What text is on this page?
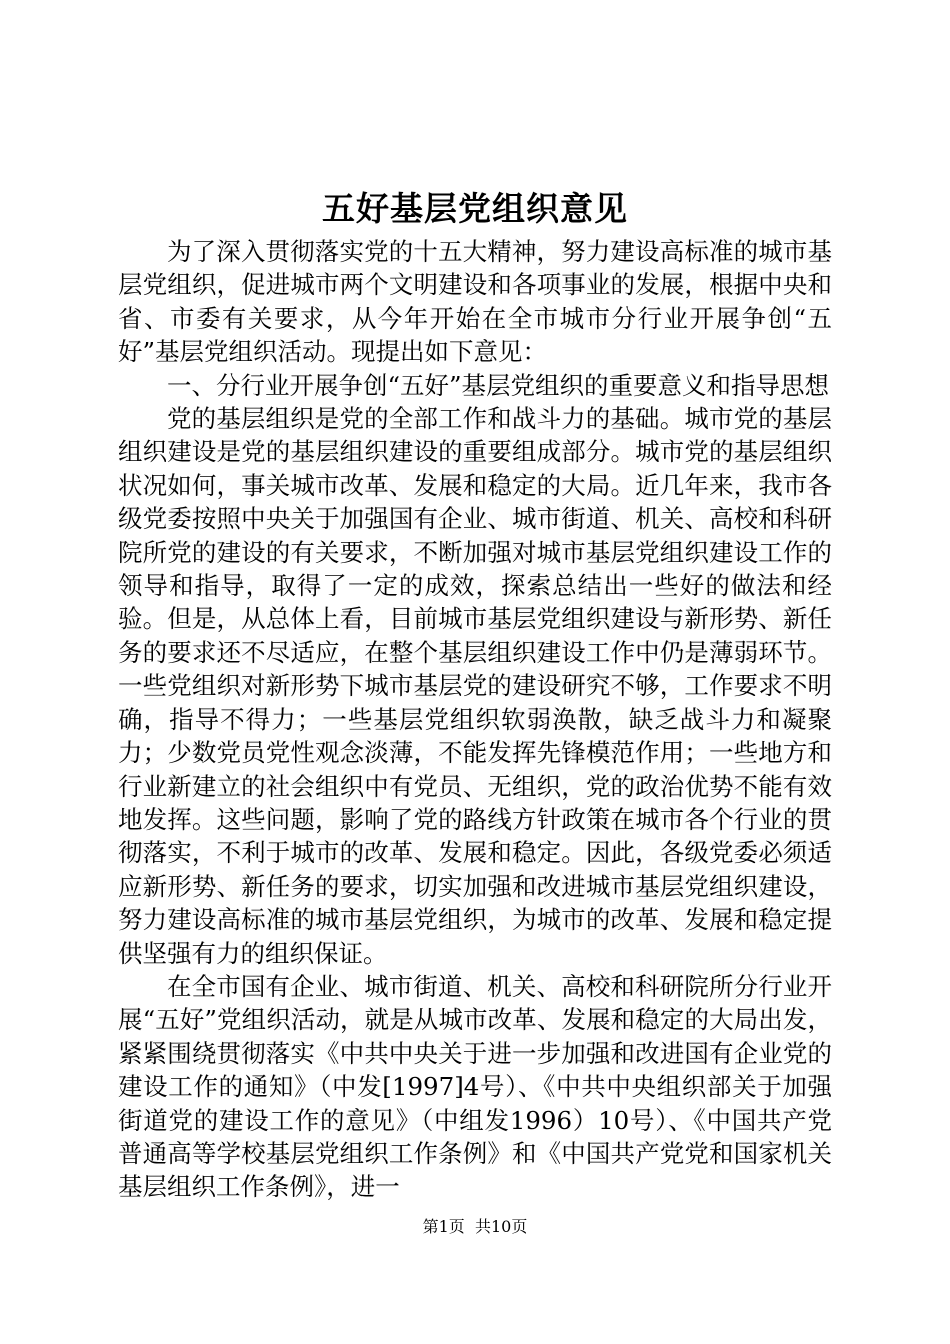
五好基层党组织意见

为了深入贯彻落实党的十五大精神，努力建设高标准的城市基层党组织，促进城市两个文明建设和各项事业的发展，根据中央和省、市委有关要求，从今年开始在全市城市分行业开展争创“五好”基层党组织活动。现提出如下意见：

一、分行业开展争创“五好”基层党组织的重要意义和指导思想

党的基层组织是党的全部工作和战斗力的基础。城市党的基层组织建设是党的基层组织建设的重要组成部分。城市党的基层组织状况如何，事关城市改革、发展和稳定的大局。近几年来，我市各级党委按照中央关于加强国有企业、城市街道、机关、高校和科研院所党的建设的有关要求，不断加强对城市基层党组织建设工作的领导和指导，取得了一定的成效，探索总结出一些好的做法和经验。但是，从总体上看，目前城市基层党组织建设与新形势、新任务的要求还不尽适应，在整个基层组织建设工作中仍是薄弱环节。一些党组织对新形势下城市基层党的建设研究不够，工作要求不明确，指导不得力；一些基层党组织软弱涣散，缺乏战斗力和凝聚力；少数党员党性观念淡薄，不能发挥先锋模范作用；一些地方和行业新建立的社会组织中有党员、无组织，党的政治优势不能有效地发挥。这些问题，影响了党的路线方针政策在城市各个行业的贯彻落实，不利于城市的改革、发展和稳定。因此，各级党委必须适应新形势、新任务的要求，切实加强和改进城市基层党组织建设，努力建设高标准的城市基层党组织，为城市的改革、发展和稳定提供坚强有力的组织保证。

在全市国有企业、城市街道、机关、高校和科研院所分行业开展“五好”党组织活动，就是从城市改革、发展和稳定的大局出发，紧紧围绕贯彻落实《中共中央关于进一步加强和改进国有企业党的建设工作的通知》（中发[1997]4号）、《中共中央组织部关于加强街道党的建设工作的意见》（中组发1996）10号）、《中国共产党普通高等学校基层党组织工作条例》和《中国共产党党和国家机关基层组织工作条例》，进一

第1页 共10页
